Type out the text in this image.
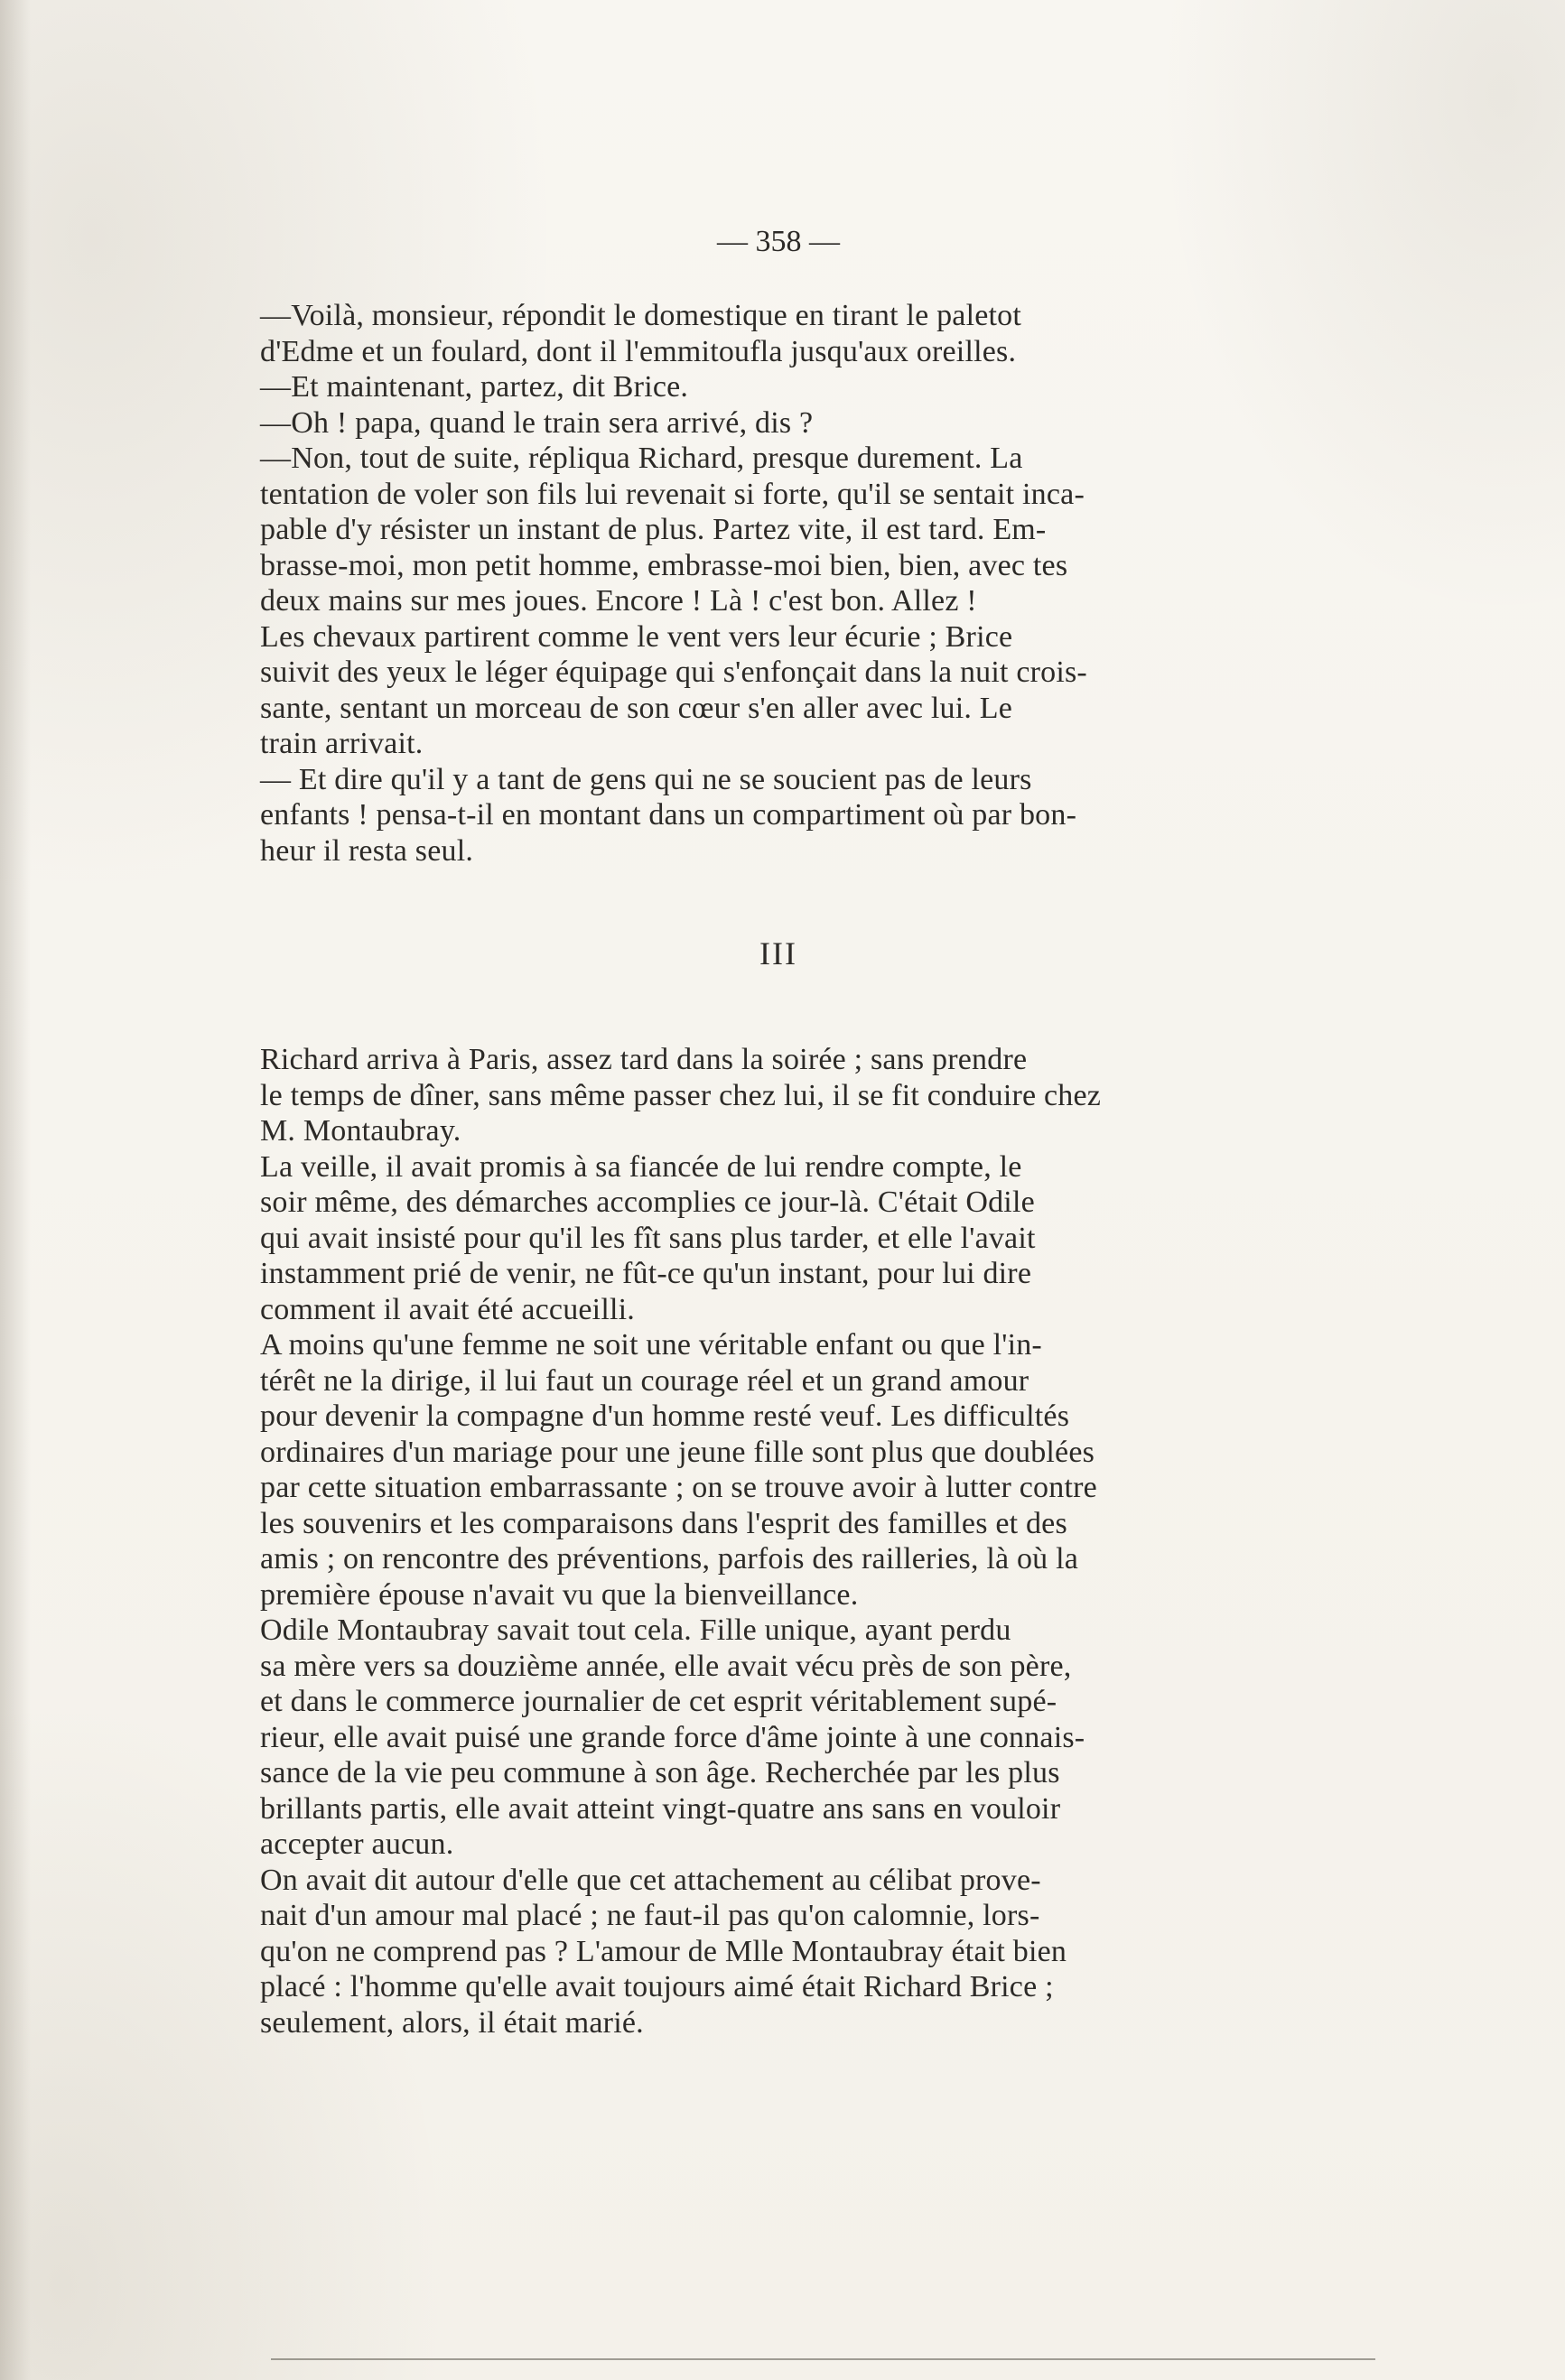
— 358 —

—Voilà, monsieur, répondit le domestique en tirant le paletot
d'Edme et un foulard, dont il l'emmitoufla jusqu'aux oreilles.

—Et maintenant, partez, dit Brice.

—Oh ! papa, quand le train sera arrivé, dis ?

—Non, tout de suite, répliqua Richard, presque durement. La
tentation de voler son fils lui revenait si forte, qu'il se sentait inca-
pable d'y résister un instant de plus. Partez vite, il est tard. Em-
brasse-moi, mon petit homme, embrasse-moi bien, bien, avec tes
deux mains sur mes joues. Encore ! Là ! c'est bon. Allez !

Les chevaux partirent comme le vent vers leur écurie ; Brice
suivit des yeux le léger équipage qui s'enfonçait dans la nuit crois-
sante, sentant un morceau de son cœur s'en aller avec lui. Le
train arrivait.

— Et dire qu'il y a tant de gens qui ne se soucient pas de leurs
enfants ! pensa-t-il en montant dans un compartiment où par bon-
heur il resta seul.

III

Richard arriva à Paris, assez tard dans la soirée ; sans prendre
le temps de dîner, sans même passer chez lui, il se fit conduire chez
M. Montaubray.

La veille, il avait promis à sa fiancée de lui rendre compte, le
soir même, des démarches accomplies ce jour-là. C'était Odile
qui avait insisté pour qu'il les fît sans plus tarder, et elle l'avait
instamment prié de venir, ne fût-ce qu'un instant, pour lui dire
comment il avait été accueilli.

A moins qu'une femme ne soit une véritable enfant ou que l'in-
térêt ne la dirige, il lui faut un courage réel et un grand amour
pour devenir la compagne d'un homme resté veuf. Les difficultés
ordinaires d'un mariage pour une jeune fille sont plus que doublées
par cette situation embarrassante ; on se trouve avoir à lutter contre
les souvenirs et les comparaisons dans l'esprit des familles et des
amis ; on rencontre des préventions, parfois des railleries, là où la
première épouse n'avait vu que la bienveillance.

Odile Montaubray savait tout cela. Fille unique, ayant perdu
sa mère vers sa douzième année, elle avait vécu près de son père,
et dans le commerce journalier de cet esprit véritablement supé-
rieur, elle avait puisé une grande force d'âme jointe à une connais-
sance de la vie peu commune à son âge. Recherchée par les plus
brillants partis, elle avait atteint vingt-quatre ans sans en vouloir
accepter aucun.

On avait dit autour d'elle que cet attachement au célibat prove-
nait d'un amour mal placé ; ne faut-il pas qu'on calomnie, lors-
qu'on ne comprend pas ? L'amour de Mlle Montaubray était bien
placé : l'homme qu'elle avait toujours aimé était Richard Brice ;
seulement, alors, il était marié.
